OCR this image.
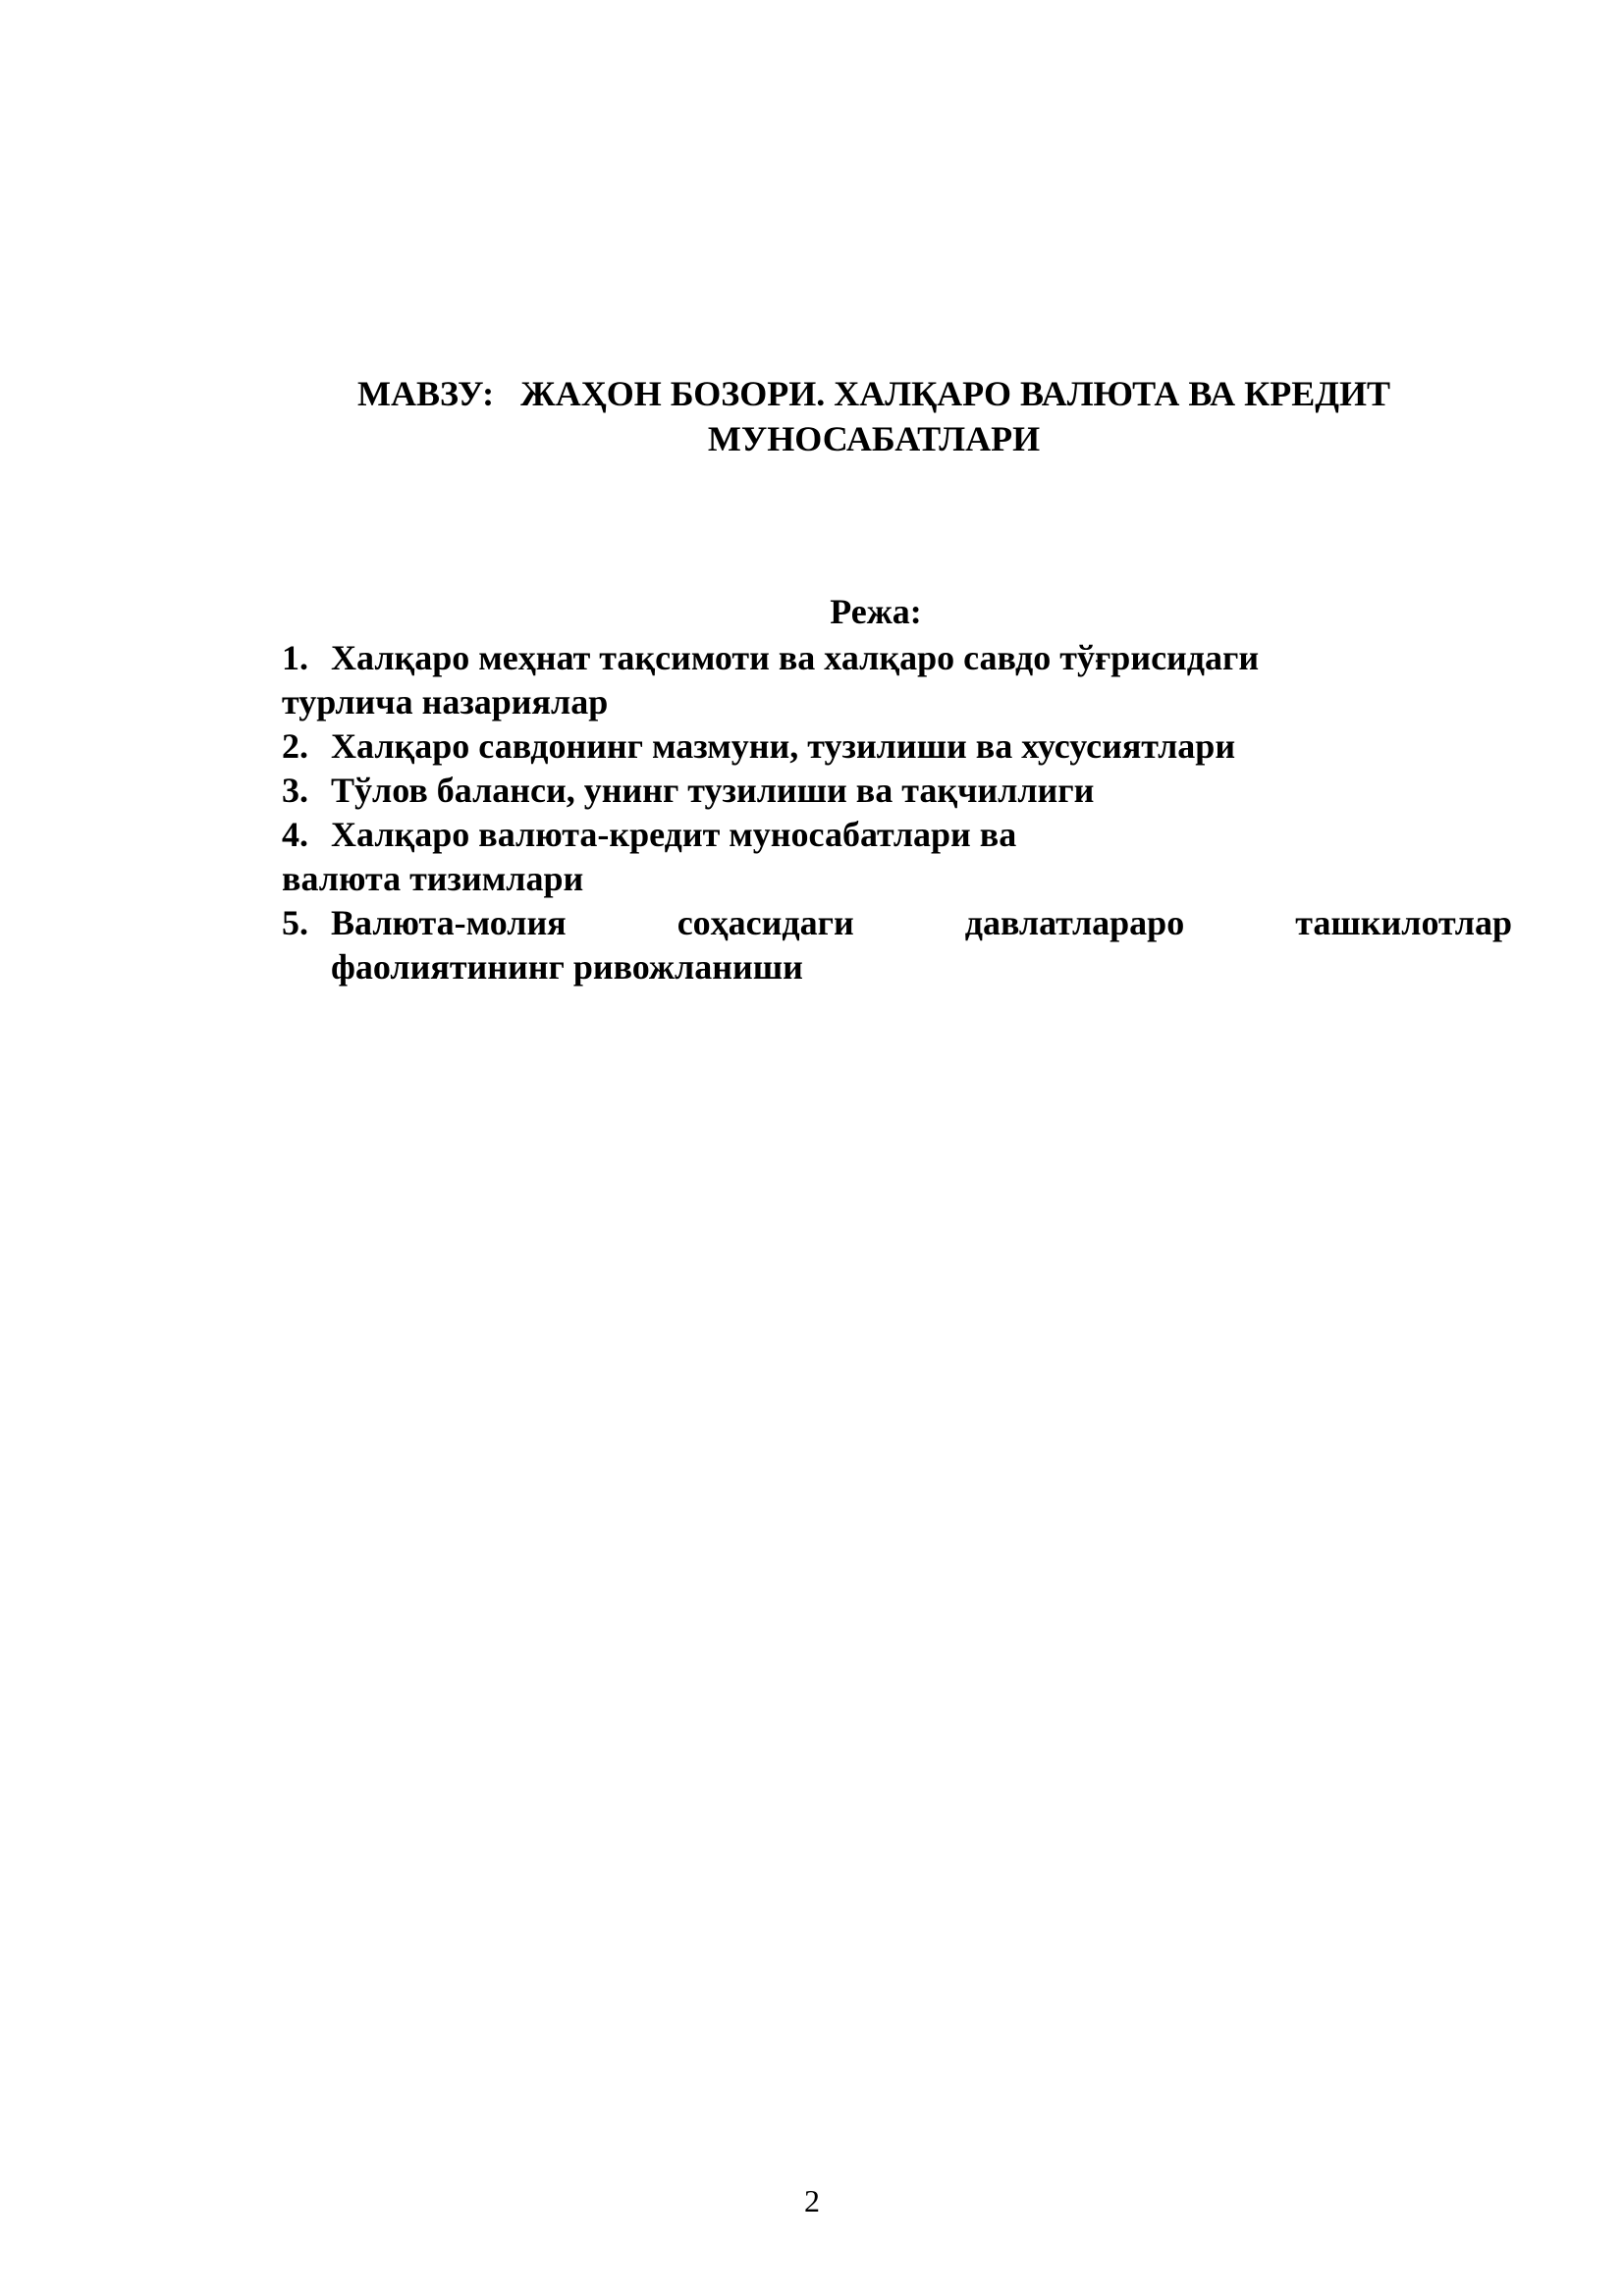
МАВЗУ: ЖАҲОН БОЗОРИ. ХАЛҚАРО ВАЛЮТА ВА КРЕДИТ
МУНОСАБАТЛАРИ
Режа:
1. Халқаро меҳнат тақсимоти ва халқаро савдо тўғрисидаги
турлича назариялар
2. Халқаро савдонинг мазмуни, тузилиши ва хусусиятлари
3. Тўлов баланси, унинг тузилиши ва тақчиллиги
4. Халқаро валюта-кредит муносабатлари ва
валюта тизимлари
5. Валюта-молия	соҳасидаги	давлатлараро	ташкилотлар
фаолиятининг ривожланиши
2
